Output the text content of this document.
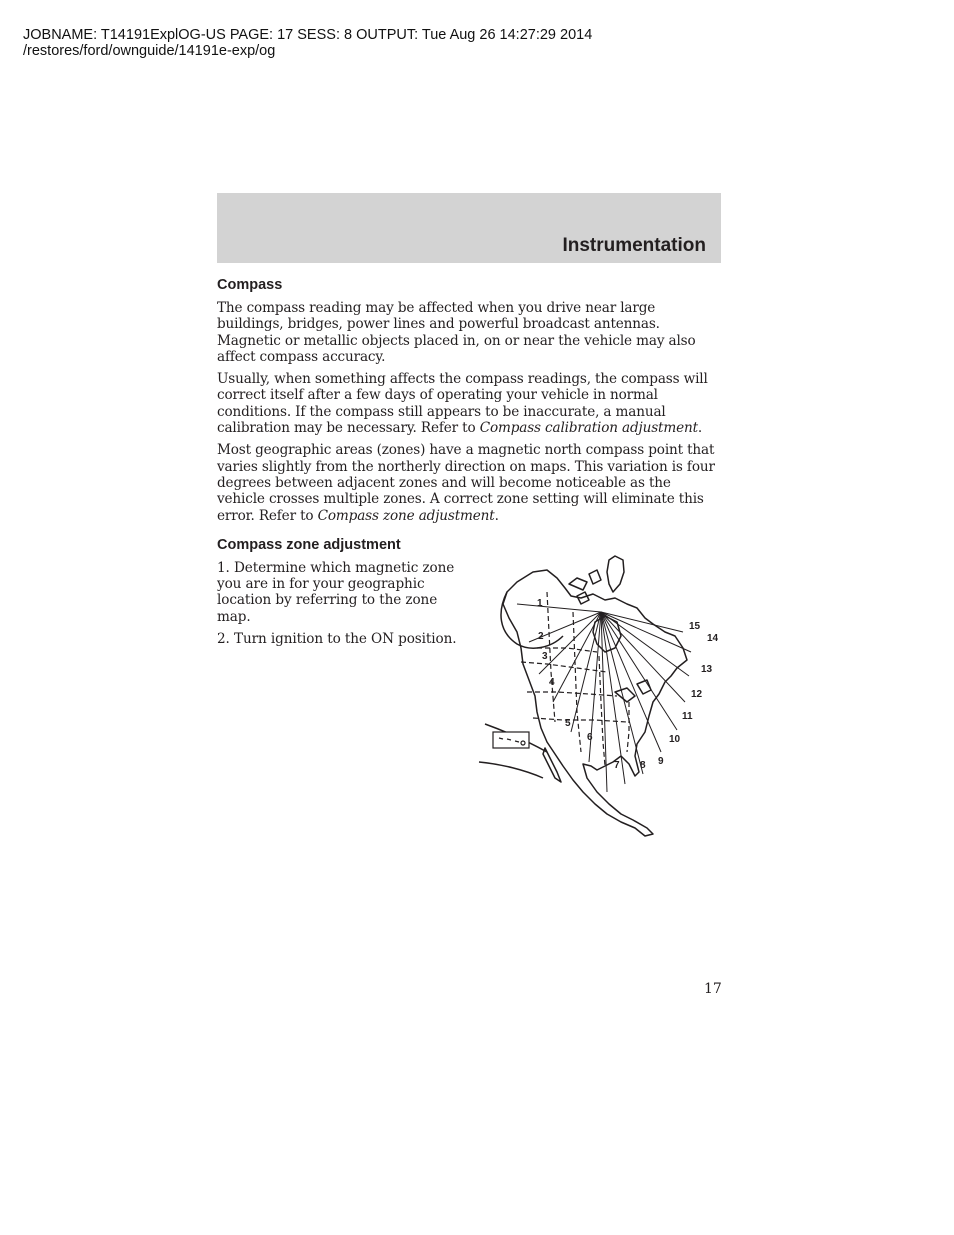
JOBNAME: T14191ExplOG-US PAGE: 17 SESS: 8 OUTPUT: Tue Aug 26 14:27:29 2014
/restores/ford/ownguide/14191e-exp/og
Instrumentation
Compass

The compass reading may be affected when you drive near large buildings, bridges, power lines and powerful broadcast antennas. Magnetic or metallic objects placed in, on or near the vehicle may also affect compass accuracy.

Usually, when something affects the compass readings, the compass will correct itself after a few days of operating your vehicle in normal conditions. If the compass still appears to be inaccurate, a manual calibration may be necessary. Refer to Compass calibration adjustment.

Most geographic areas (zones) have a magnetic north compass point that varies slightly from the northerly direction on maps. This variation is four degrees between adjacent zones and will become noticeable as the vehicle crosses multiple zones. A correct zone setting will eliminate this error. Refer to Compass zone adjustment.

Compass zone adjustment

1. Determine which magnetic zone you are in for your geographic location by referring to the zone map.

2. Turn ignition to the ON position.

1
2
3
4
5
6
7 8 9
10
11
12
13
14
15
17
